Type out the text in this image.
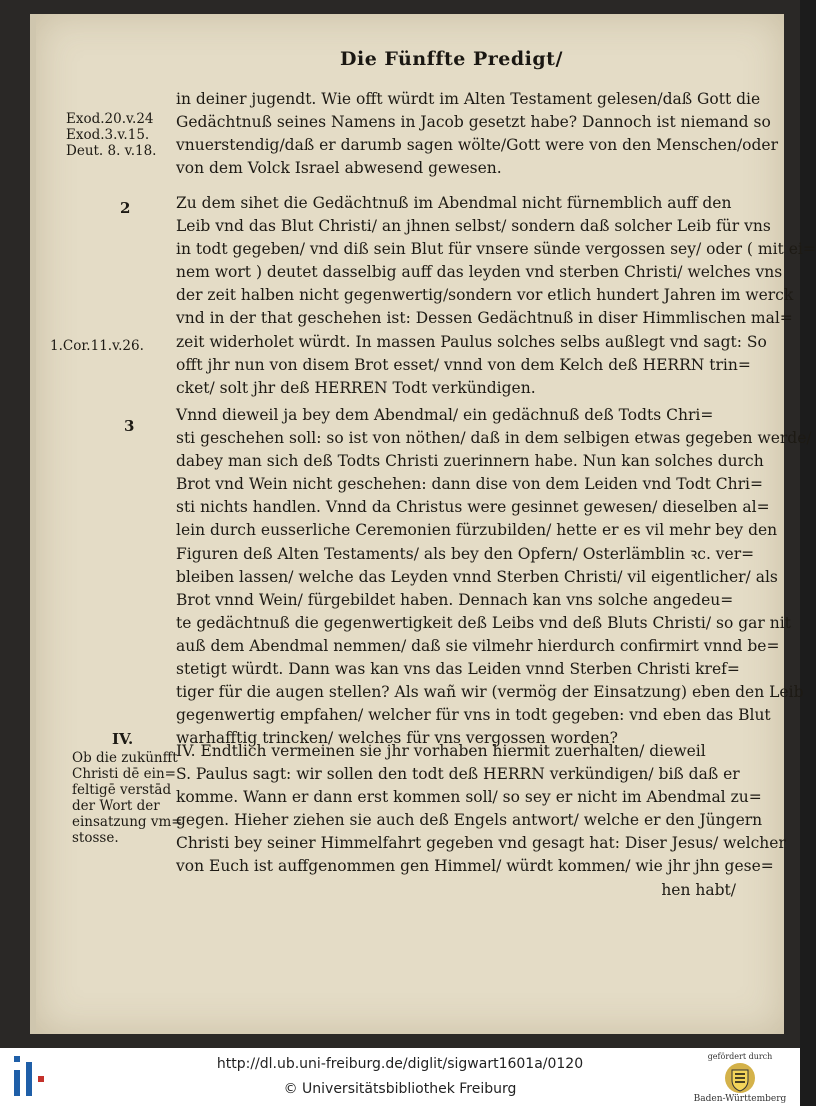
Die Fünffte Predigt/
in deiner jugendt. Wie offt würdt im Alten Testament gelesen/daß Gott die
Gedächtnuß seines Namens in Jacob gesetzt habe? Dannoch ist niemand so
vnuerstendig/daß er darumb sagen wölte/Gott were von den Menschen/oder
von dem Volck Israel abwesend gewesen.
Exod.20.v.24
Exod.3.v.15.
Deut. 8. v.18.
2	Zu dem sihet die Gedächtnuß im Abendmal nicht fürnemblich auff den
Leib vnd das Blut Christi/ an jhnen selbst/ sondern daß solcher Leib für vns
in todt gegeben/ vnd diß sein Blut für vnsere sünde vergossen sey/ oder ( mit ei=
nem wort ) deutet dasselbig auff das leyden vnd sterben Christi/ welches vns
der zeit halben nicht gegenwertig/sondern vor etlich hundert Jahren im werck
vnd in der that geschehen ist: Dessen Gedächtnuß in diser Himmlischen mal=
zeit widerholet würdt. In massen Paulus solches selbs außlegt vnd sagt: So
offt jhr nun von disem Brot esset/ vnnd von dem Kelch deß HERRN trin=
cket/ solt jhr deß HERREN Todt verkündigen.
1.Cor.11.v.26.
3
Vnnd dieweil ja bey dem Abendmal/ ein gedächnuß deß Todts Chri=
sti geschehen soll: so ist von nöthen/ daß in dem selbigen etwas gegeben werde/
dabey man sich deß Todts Christi zuerinnern habe. Nun kan solches durch
Brot vnd Wein nicht geschehen: dann dise von dem Leiden vnd Todt Chri=
sti nichts handlen. Vnnd da Christus were gesinnet gewesen/ dieselben al=
lein durch eusserliche Ceremonien fürzubilden/ hette er es vil mehr bey den
Figuren deß Alten Testaments/ als bey den Opfern/ Osterlämblin ꝛc. ver=
bleiben lassen/ welche das Leyden vnnd Sterben Christi/ vil eigentlicher/ als
Brot vnnd Wein/ fürgebildet haben. Dennach kan vns solche angedeu=
te gedächtnuß die gegenwertigkeit deß Leibs vnd deß Bluts Christi/ so gar nit
auß dem Abendmal nemmen/ daß sie vilmehr hierdurch confirmirt vnnd be=
stetigt würdt. Dann was kan vns das Leiden vnnd Sterben Christi kref=
tiger für die augen stellen? Als wañ wir (vermög der Einsatzung) eben den Leib
gegenwertig empfahen/ welcher für vns in todt gegeben: vnd eben das Blut
warhafftig trincken/ welches für vns vergossen worden?
IV.
Ob die zukünfft
Christi dē ein=
feltigē verstād
der Wort der
einsatzung vm=
stosse.
IV. Endtlich vermeinen sie jhr vorhaben hiermit zuerhalten/ dieweil
S. Paulus sagt: wir sollen den todt deß HERRN verkündigen/ biß daß er
komme. Wann er dann erst kommen soll/ so sey er nicht im Abendmal zu=
gegen. Hieher ziehen sie auch deß Engels antwort/ welche er den Jüngern
Christi bey seiner Himmelfahrt gegeben vnd gesagt hat: Diser Jesus/ welcher
von Euch ist auffgenommen gen Himmel/ würdt kommen/ wie jhr jhn gese=
hen habt/
http://dl.ub.uni-freiburg.de/diglit/sigwart1601a/0120
© Universitätsbibliothek Freiburg
gefördert durch
Baden-Württemberg
